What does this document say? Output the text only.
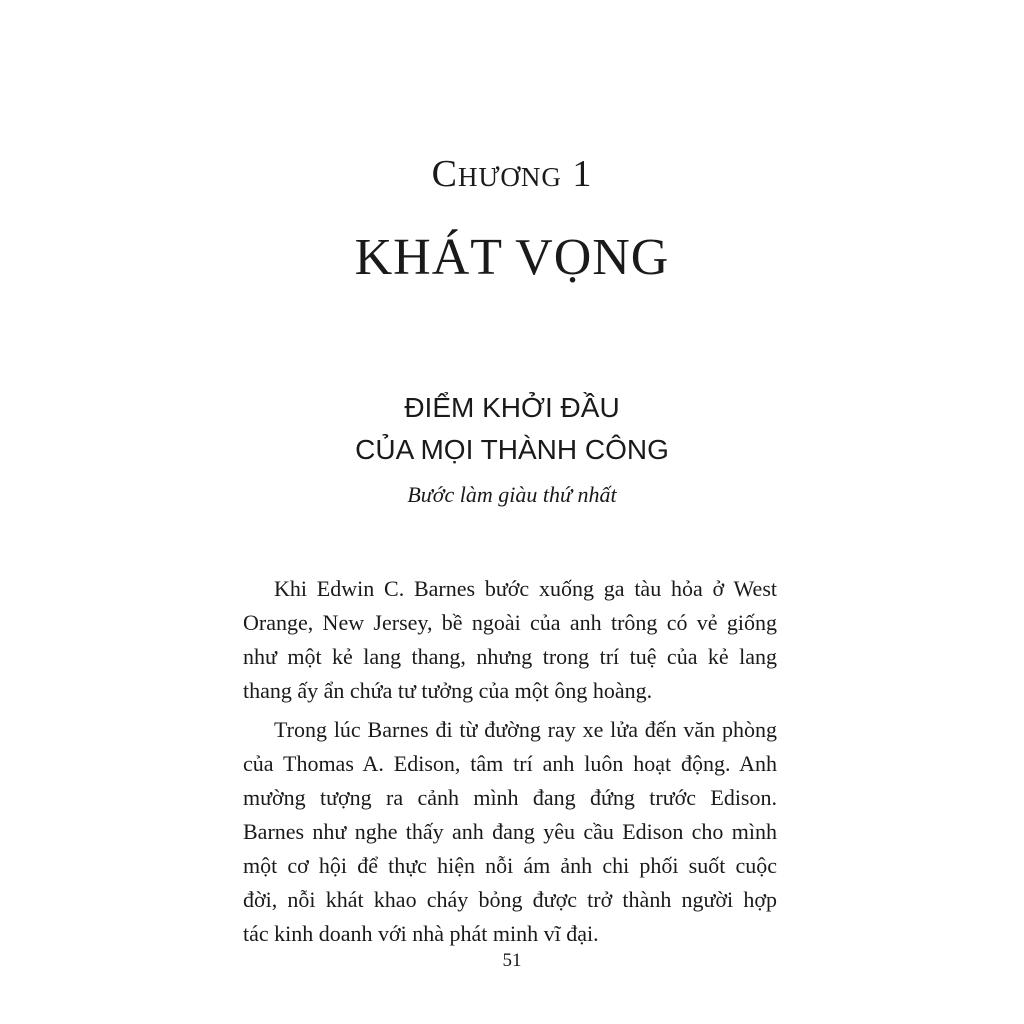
Chương 1
KHÁT VỌNG
ĐIỂM KHỞI ĐẦU
CỦA MỌI THÀNH CÔNG
Bước làm giàu thứ nhất
Khi Edwin C. Barnes bước xuống ga tàu hỏa ở West
Orange, New Jersey, bề ngoài của anh trông có vẻ giống
như một kẻ lang thang, nhưng trong trí tuệ của kẻ lang
thang ấy ẩn chứa tư tưởng của một ông hoàng.
Trong lúc Barnes đi từ đường ray xe lửa đến văn phòng
của Thomas A. Edison, tâm trí anh luôn hoạt động. Anh
mường tượng ra cảnh mình đang đứng trước Edison.
Barnes như nghe thấy anh đang yêu cầu Edison cho mình
một cơ hội để thực hiện nỗi ám ảnh chi phối suốt cuộc
đời, nỗi khát khao cháy bỏng được trở thành người hợp
tác kinh doanh với nhà phát minh vĩ đại.
51
